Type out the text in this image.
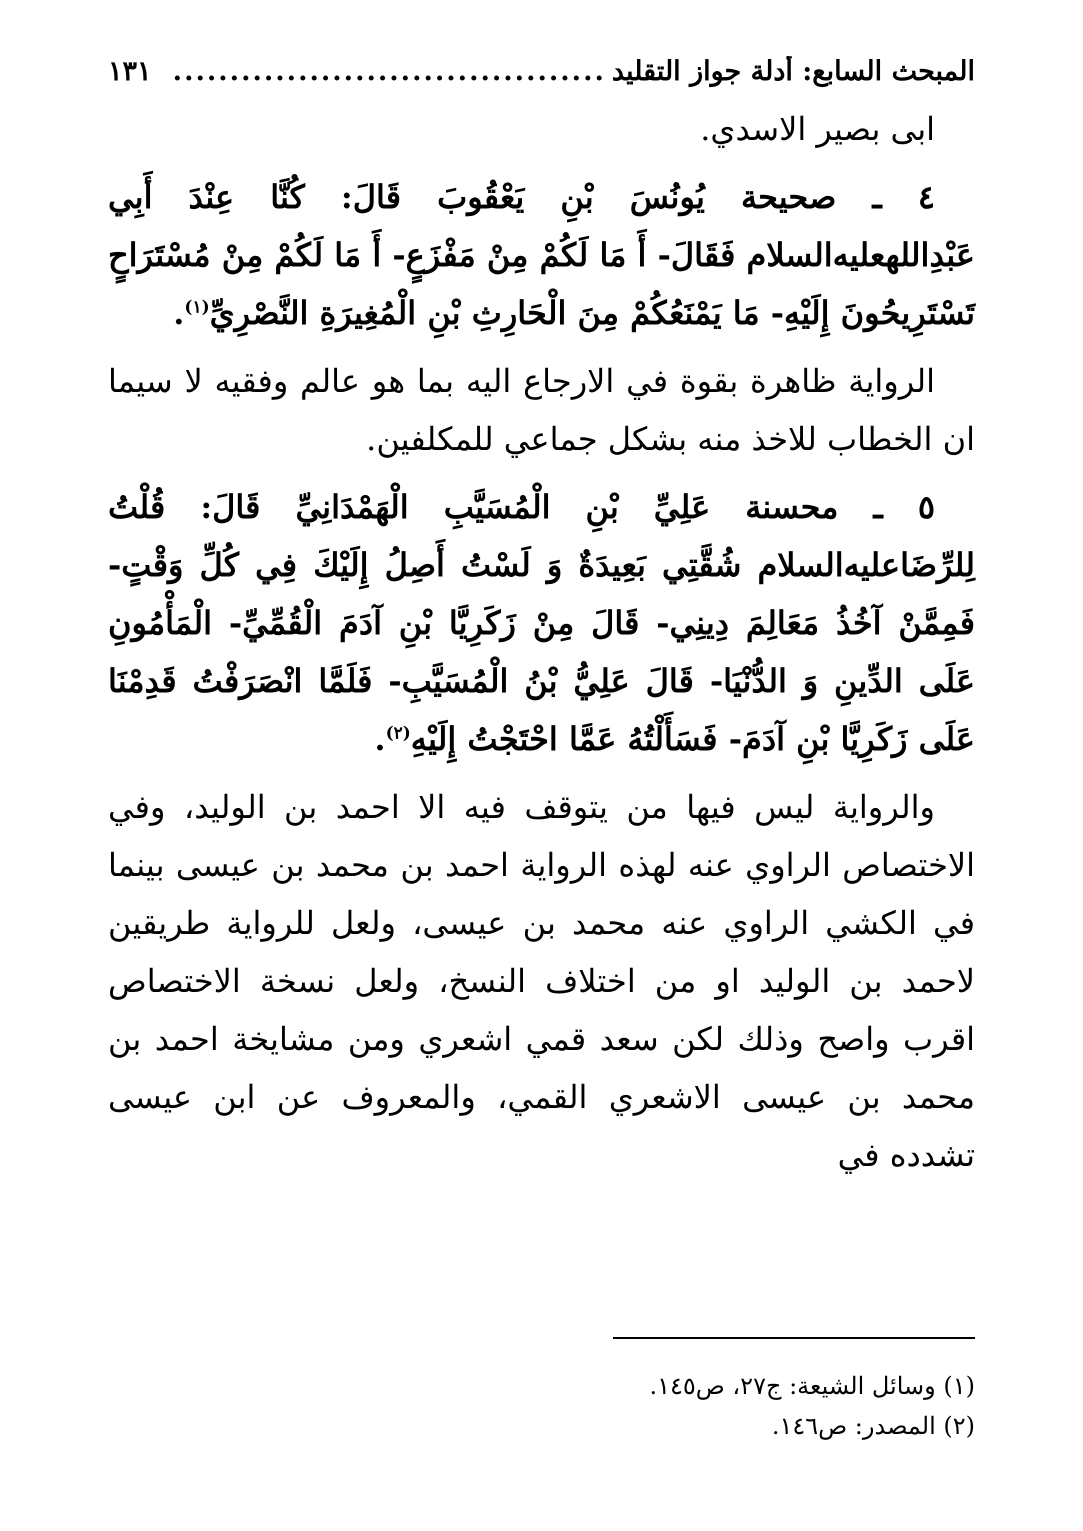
المبحث السابع: أدلة جواز التقليد
......................................
١٣١

ابى بصير الاسدي.

٤ ـ صحيحة يُونُسَ بْنِ يَعْقُوبَ قَالَ: كُنَّا عِنْدَ أَبِي عَبْدِاللهعليه‌السلام فَقَالَ- أَ مَا لَكُمْ مِنْ مَفْزَعٍ- أَ مَا لَكُمْ مِنْ مُسْتَرَاحٍ تَسْتَرِيحُونَ إِلَيْهِ- مَا يَمْنَعُكُمْ مِنَ الْحَارِثِ بْنِ الْمُغِيرَةِ النَّصْرِيِّ$^{(١)}$.

الرواية ظاهرة بقوة في الارجاع اليه بما هو عالم وفقيه لا سيما ان الخطاب للاخذ منه بشكل جماعي للمكلفين.

٥ ـ محسنة عَلِيِّ بْنِ الْمُسَيَّبِ الْهَمْدَانِيِّ قَالَ: قُلْتُ لِلرِّضَاعليه‌السلام شُقَّتِي بَعِيدَةٌ وَ لَسْتُ أَصِلُ إِلَيْكَ فِي كُلِّ وَقْتٍ- فَمِمَّنْ آخُذُ مَعَالِمَ دِينِي- قَالَ مِنْ زَكَرِيَّا بْنِ آدَمَ الْقُمِّيِّ- الْمَأْمُونِ عَلَى الدِّينِ وَ الدُّنْيَا- قَالَ عَلِيُّ بْنُ الْمُسَيَّبِ- فَلَمَّا انْصَرَفْتُ قَدِمْنَا عَلَى زَكَرِيَّا بْنِ آدَمَ- فَسَأَلْتُهُ عَمَّا احْتَجْتُ إِلَيْهِ$^{(٢)}$.

والرواية ليس فيها من يتوقف فيه الا احمد بن الوليد، وفي الاختصاص الراوي عنه لهذه الرواية احمد بن محمد بن عيسى بينما في الكشي الراوي عنه محمد بن عيسى، ولعل للرواية طريقين لاحمد بن الوليد او من اختلاف النسخ، ولعل نسخة الاختصاص اقرب واصح وذلك لكن سعد قمي اشعري ومن مشايخة احمد بن محمد بن عيسى الاشعري القمي، والمعروف عن ابن عيسى تشدده في

(١) وسائل الشيعة: ج٢٧، ص١٤٥.

(٢) المصدر: ص١٤٦.
